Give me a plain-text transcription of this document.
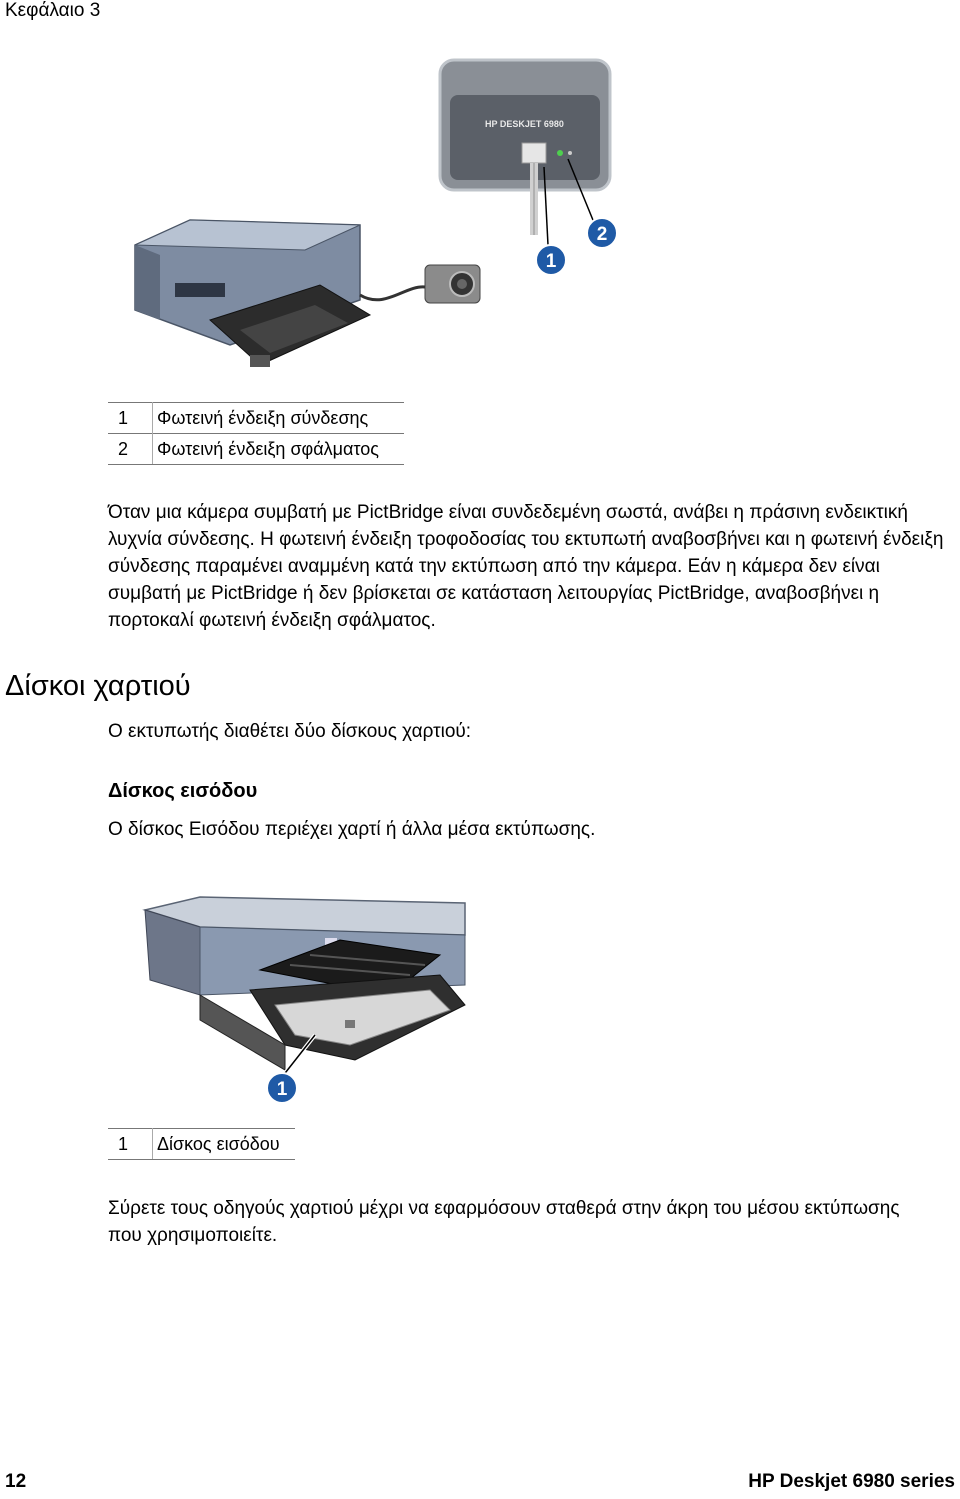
Κεφάλαιο 3
HP DESKJET 6980
1
2
1	Φωτεινή ένδειξη σύνδεσης
2	Φωτεινή ένδειξη σφάλματος
Όταν μια κάμερα συμβατή με PictBridge είναι συνδεδεμένη σωστά, ανάβει η πράσινη ενδεικτική λυχνία σύνδεσης. Η φωτεινή ένδειξη τροφοδοσίας του εκτυπωτή αναβοσβήνει και η φωτεινή ένδειξη σύνδεσης παραμένει αναμμένη κατά την εκτύπωση από την κάμερα. Εάν η κάμερα δεν είναι συμβατή με PictBridge ή δεν βρίσκεται σε κατάσταση λειτουργίας PictBridge, αναβοσβήνει η πορτοκαλί φωτεινή ένδειξη σφάλματος.
Δίσκοι χαρτιού
Ο εκτυπωτής διαθέτει δύο δίσκους χαρτιού:
Δίσκος εισόδου
Ο δίσκος Εισόδου περιέχει χαρτί ή άλλα μέσα εκτύπωσης.
1
1	Δίσκος εισόδου
Σύρετε τους οδηγούς χαρτιού μέχρι να εφαρμόσουν σταθερά στην άκρη του μέσου εκτύπωσης που χρησιμοποιείτε.
12	HP Deskjet 6980 series
